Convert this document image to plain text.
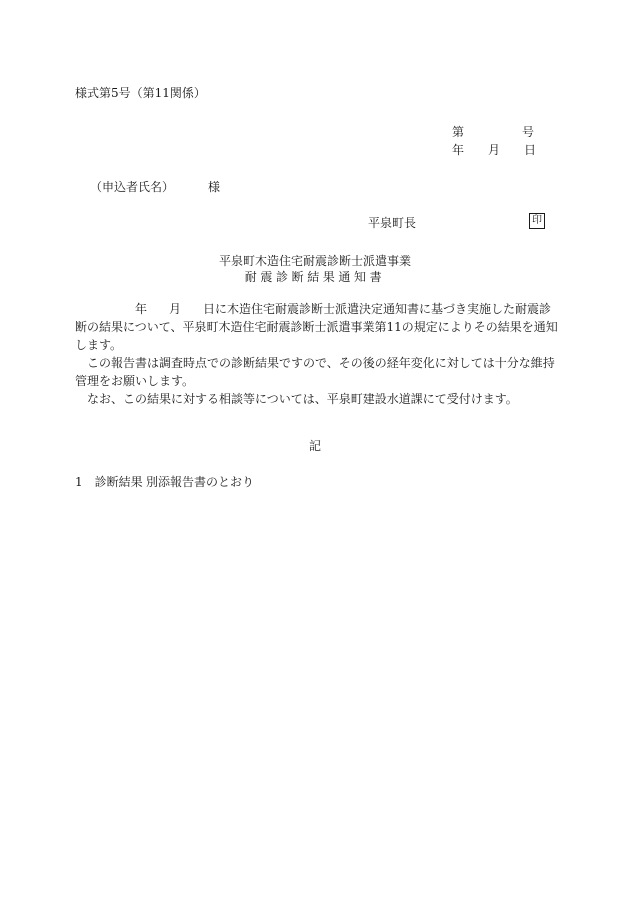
様式第5号（第11関係）
第	号
年 月 日
（申込者氏名）	様
平泉町長	印
平泉町木造住宅耐震診断士派遣事業
耐震診断結果通知書

年 月 日に木造住宅耐震診断士派遣決定通知書に基づき実施した耐震診

断の結果について、平泉町木造住宅耐震診断士派遣事業第11の規定によりその結果を通知

します。

　この報告書は調査時点での診断結果ですので、その後の経年変化に対しては十分な維持

管理をお願いします。

　なお、この結果に対する相談等については、平泉町建設水道課にて受付けます。

記
1　診断結果 別添報告書のとおり
